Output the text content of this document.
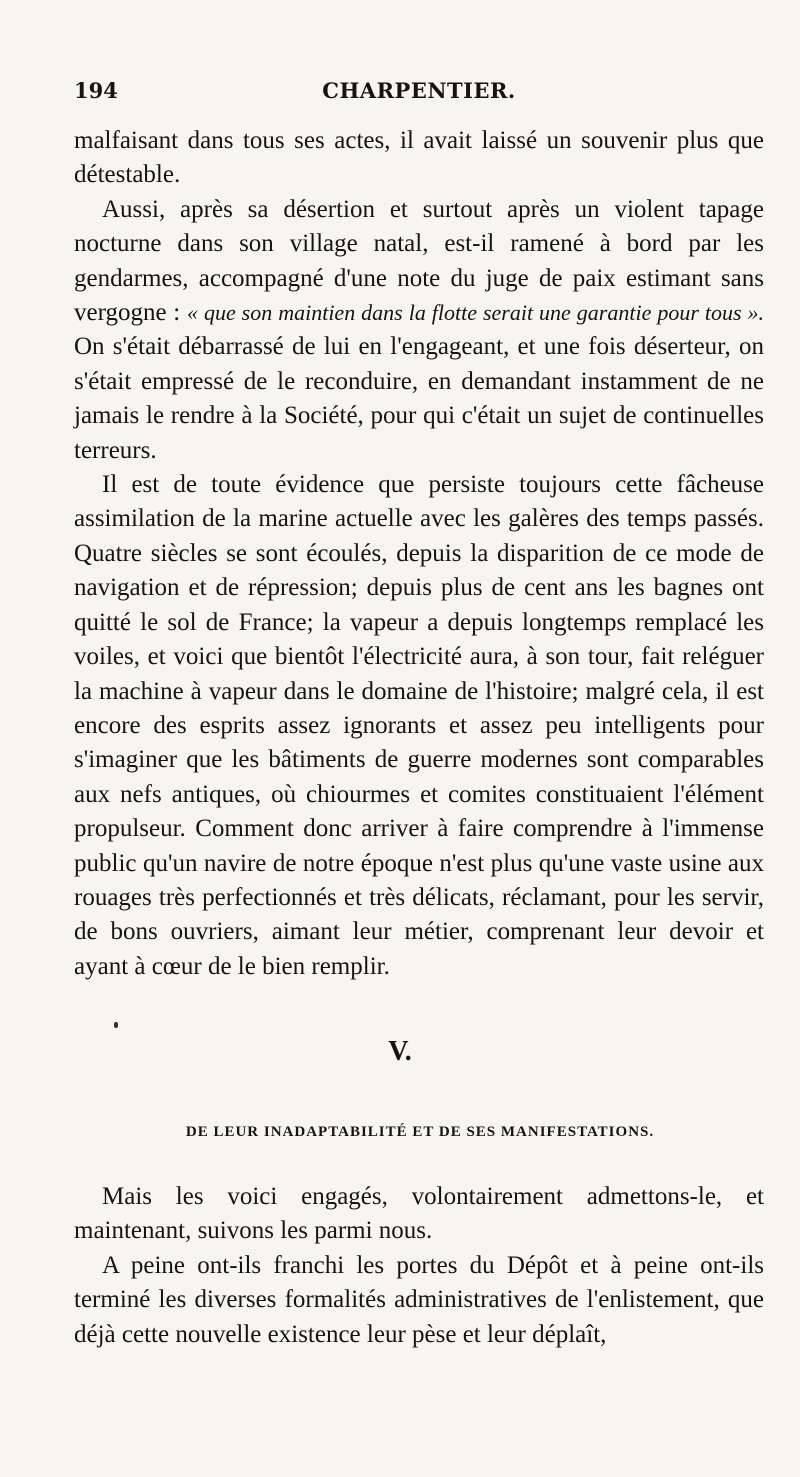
194	CHARPENTIER.

malfaisant dans tous ses actes, il avait laissé un souvenir plus que détestable.

Aussi, après sa désertion et surtout après un violent tapage nocturne dans son village natal, est-il ramené à bord par les gendarmes, accompagné d'une note du juge de paix estimant sans vergogne : « que son maintien dans la flotte serait une garantie pour tous ». On s'était débarrassé de lui en l'engageant, et une fois déserteur, on s'était empressé de le reconduire, en demandant instamment de ne jamais le rendre à la Société, pour qui c'était un sujet de continuelles terreurs.

Il est de toute évidence que persiste toujours cette fâcheuse assimilation de la marine actuelle avec les galères des temps passés. Quatre siècles se sont écoulés, depuis la disparition de ce mode de navigation et de répression; depuis plus de cent ans les bagnes ont quitté le sol de France; la vapeur a depuis longtemps remplacé les voiles, et voici que bientôt l'électricité aura, à son tour, fait reléguer la machine à vapeur dans le domaine de l'histoire; malgré cela, il est encore des esprits assez ignorants et assez peu intelligents pour s'imaginer que les bâtiments de guerre modernes sont comparables aux nefs antiques, où chiourmes et comites constituaient l'élément propulseur. Comment donc arriver à faire comprendre à l'immense public qu'un navire de notre époque n'est plus qu'une vaste usine aux rouages très perfectionnés et très délicats, réclamant, pour les servir, de bons ouvriers, aimant leur métier, comprenant leur devoir et ayant à cœur de le bien remplir.

V.
DE LEUR INADAPTABILITÉ ET DE SES MANIFESTATIONS.

Mais les voici engagés, volontairement admettons-le, et maintenant, suivons les parmi nous.

A peine ont-ils franchi les portes du Dépôt et à peine ont-ils terminé les diverses formalités administratives de l'enlistement, que déjà cette nouvelle existence leur pèse et leur déplaît,
